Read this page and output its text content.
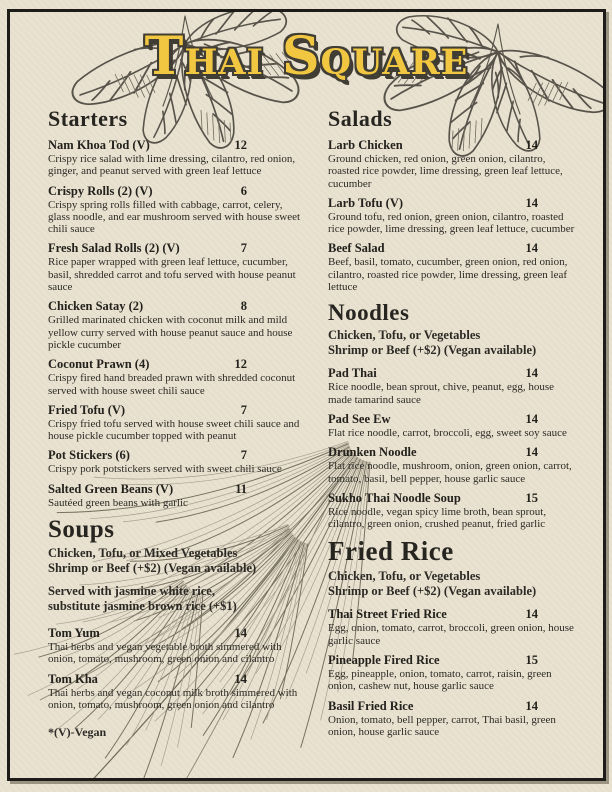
THAI SQUARE
Starters
Nam Khoa Tod (V)	12

Crispy rice salad with lime dressing, cilantro, red onion, ginger, and peanut served with green leaf lettuce

Crispy Rolls (2) (V)	6

Crispy spring rolls filled with cabbage, carrot, celery, glass noodle, and ear mushroom served with house sweet chili sauce

Fresh Salad Rolls (2) (V)	7

Rice paper wrapped with green leaf lettuce, cucumber, basil, shredded carrot and tofu served with house peanut sauce

Chicken Satay (2)	8

Grilled marinated chicken with coconut milk and mild yellow curry served with house peanut sauce and house pickle cucumber

Coconut Prawn (4)	12

Crispy fired hand breaded prawn with shredded coconut served with house sweet chili sauce

Fried Tofu (V)	7

Crispy fried tofu served with house sweet chili sauce and house pickle cucumber topped with peanut

Pot Stickers (6)	7

Crispy pork potstickers served with sweet chili sauce

Salted Green Beans (V)	11

Sautéed green beans with garlic

Soups

Chicken, Tofu, or Mixed Vegetables

Shrimp or Beef (+$2) (Vegan available)

Served with jasmine white rice,

substitute jasmine brown rice (+$1)

Tom Yum	14

Thai herbs and vegan vegetable broth simmered with onion, tomato, mushroom, green onion and cilantro

Tom Kha	14

Thai herbs and vegan coconut milk broth simmered with onion, tomato, mushroom, green onion and cilantro

*(V)-Vegan

Salads
Larb Chicken	14

Ground chicken, red onion, green onion, cilantro, roasted rice powder, lime dressing, green leaf lettuce, cucumber

Larb Tofu (V)	14

Ground tofu, red onion, green onion, cilantro, roasted rice powder, lime dressing, green leaf lettuce, cucumber

Beef Salad	14

Beef, basil, tomato, cucumber, green onion, red onion, cilantro, roasted rice powder, lime dressing, green leaf lettuce

Noodles

Chicken, Tofu, or Vegetables

Shrimp or Beef (+$2) (Vegan available)

Pad Thai	14

Rice noodle, bean sprout, chive, peanut, egg, house made tamarind sauce

Pad See Ew	14

Flat rice noodle, carrot, broccoli, egg, sweet soy sauce

Drunken Noodle	14

Flat rice noodle, mushroom, onion, green onion, carrot, tomato, basil, bell pepper, house garlic sauce

Sukho Thai Noodle Soup	15

Rice noodle, vegan spicy lime broth, bean sprout, cilantro, green onion, crushed peanut, fried garlic

Fried Rice

Chicken, Tofu, or Vegetables

Shrimp or Beef (+$2) (Vegan available)

Thai Street Fried Rice	14

Egg, onion, tomato, carrot, broccoli, green onion, house garlic sauce

Pineapple Fired Rice	15

Egg, pineapple, onion, tomato, carrot, raisin, green onion, cashew nut, house garlic sauce

Basil Fried Rice	14

Onion, tomato, bell pepper, carrot, Thai basil, green onion, house garlic sauce
